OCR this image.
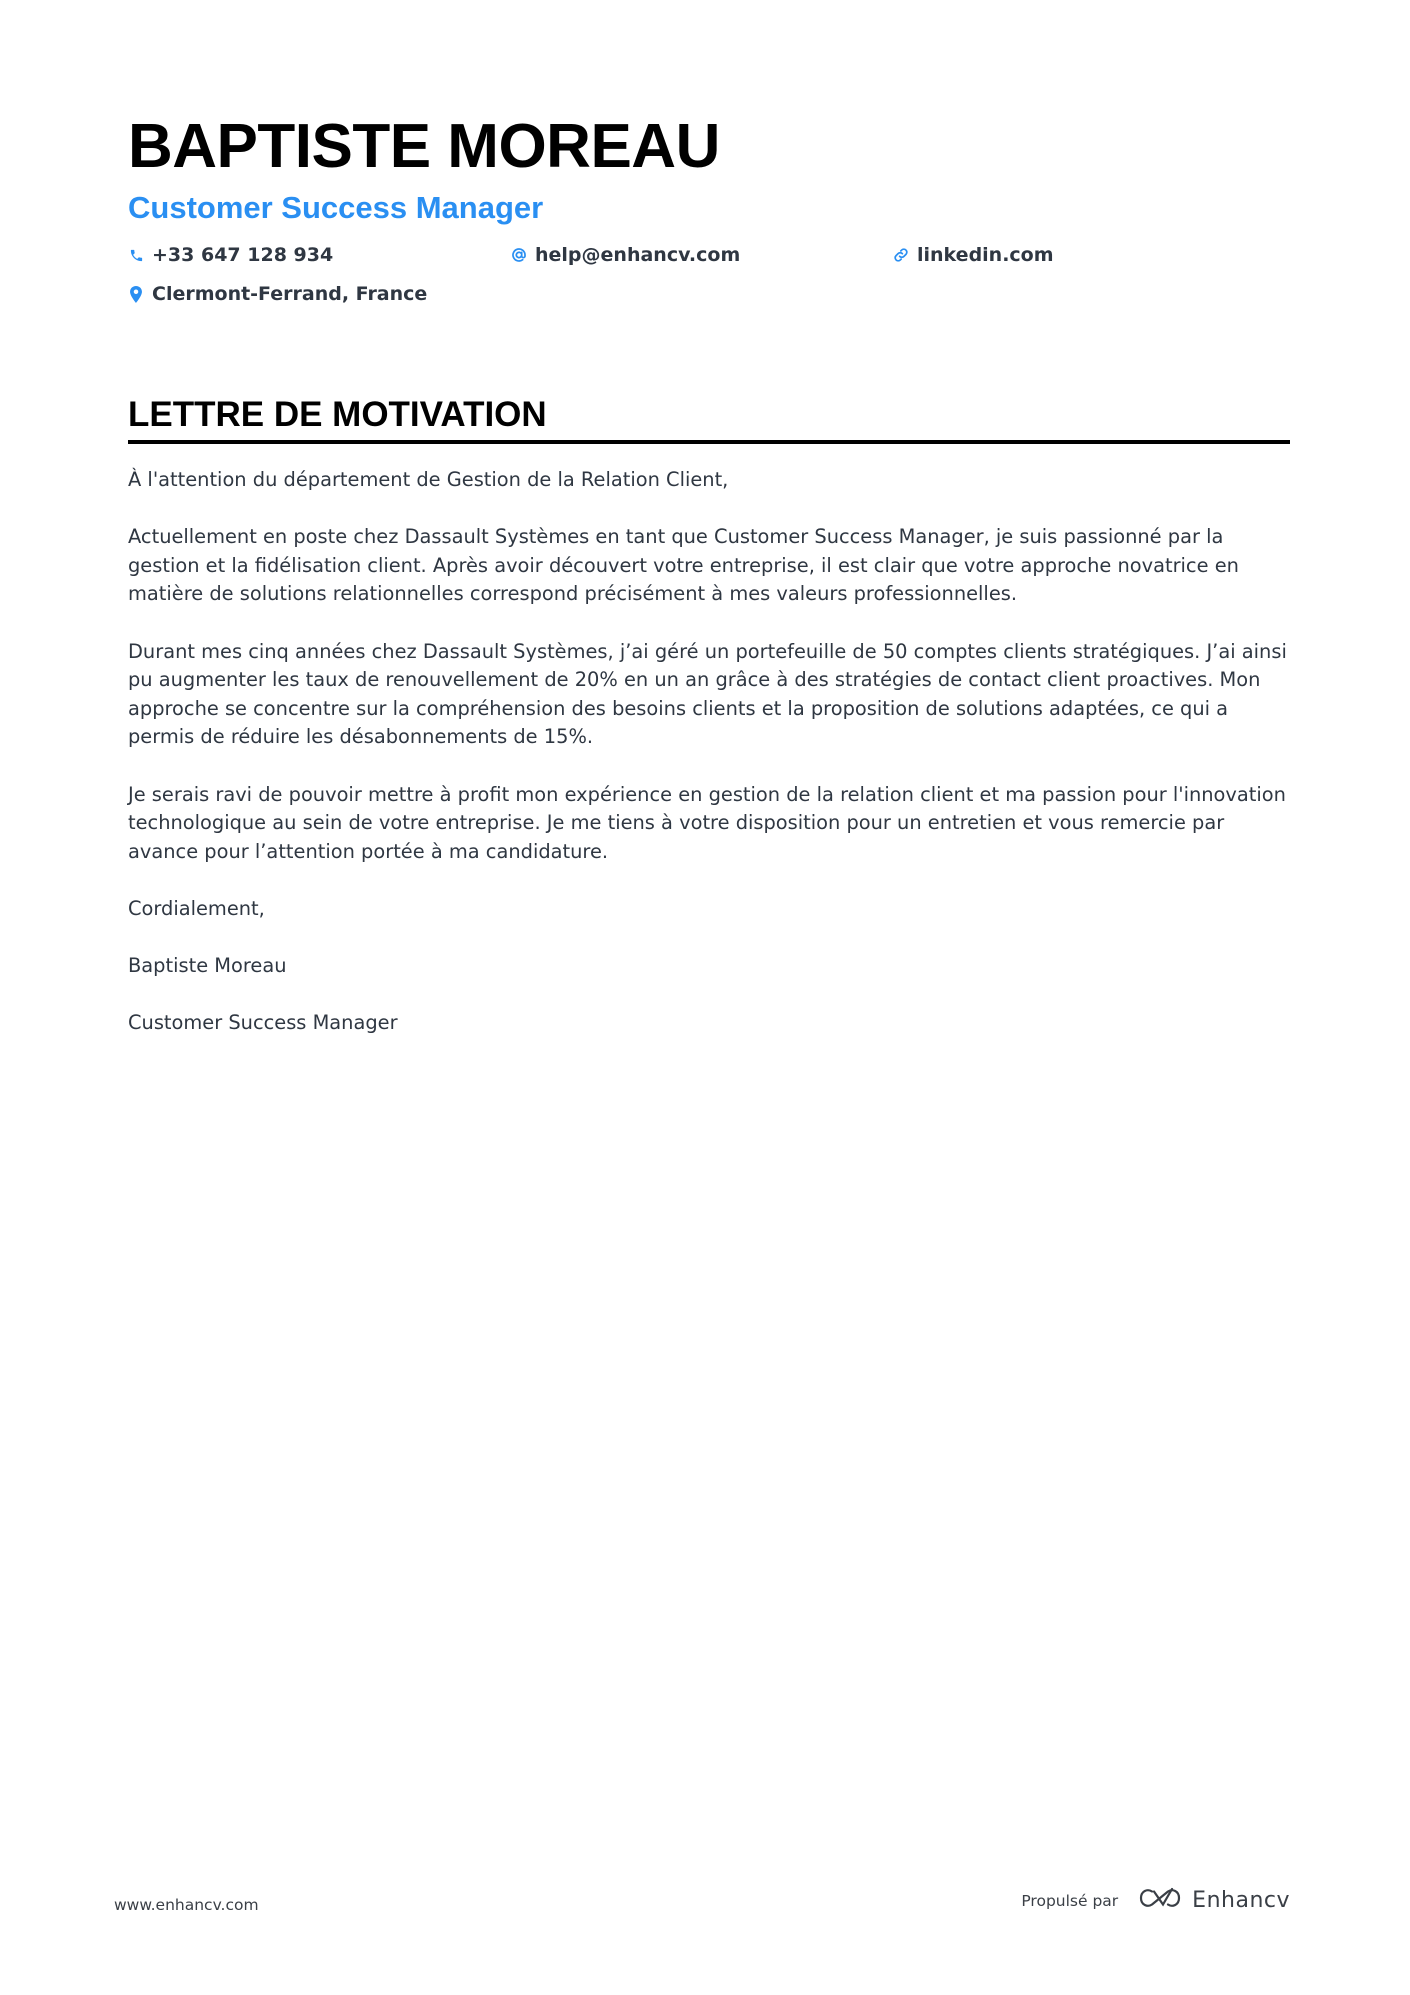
BAPTISTE MOREAU
Customer Success Manager
+33 647 128 934	help@enhancv.com	linkedin.com
Clermont-Ferrand, France
LETTRE DE MOTIVATION

À l'attention du département de Gestion de la Relation Client,

Actuellement en poste chez Dassault Systèmes en tant que Customer Success Manager, je suis passionné par la gestion et la fidélisation client. Après avoir découvert votre entreprise, il est clair que votre approche novatrice en matière de solutions relationnelles correspond précisément à mes valeurs professionnelles.

Durant mes cinq années chez Dassault Systèmes, j’ai géré un portefeuille de 50 comptes clients stratégiques. J’ai ainsi pu augmenter les taux de renouvellement de 20% en un an grâce à des stratégies de contact client proactives. Mon approche se concentre sur la compréhension des besoins clients et la proposition de solutions adaptées, ce qui a permis de réduire les désabonnements de 15%.

Je serais ravi de pouvoir mettre à profit mon expérience en gestion de la relation client et ma passion pour l'innovation technologique au sein de votre entreprise. Je me tiens à votre disposition pour un entretien et vous remercie par avance pour l’attention portée à ma candidature.

Cordialement,

Baptiste Moreau

Customer Success Manager

www.enhancv.com	Propulsé par	Enhancv
